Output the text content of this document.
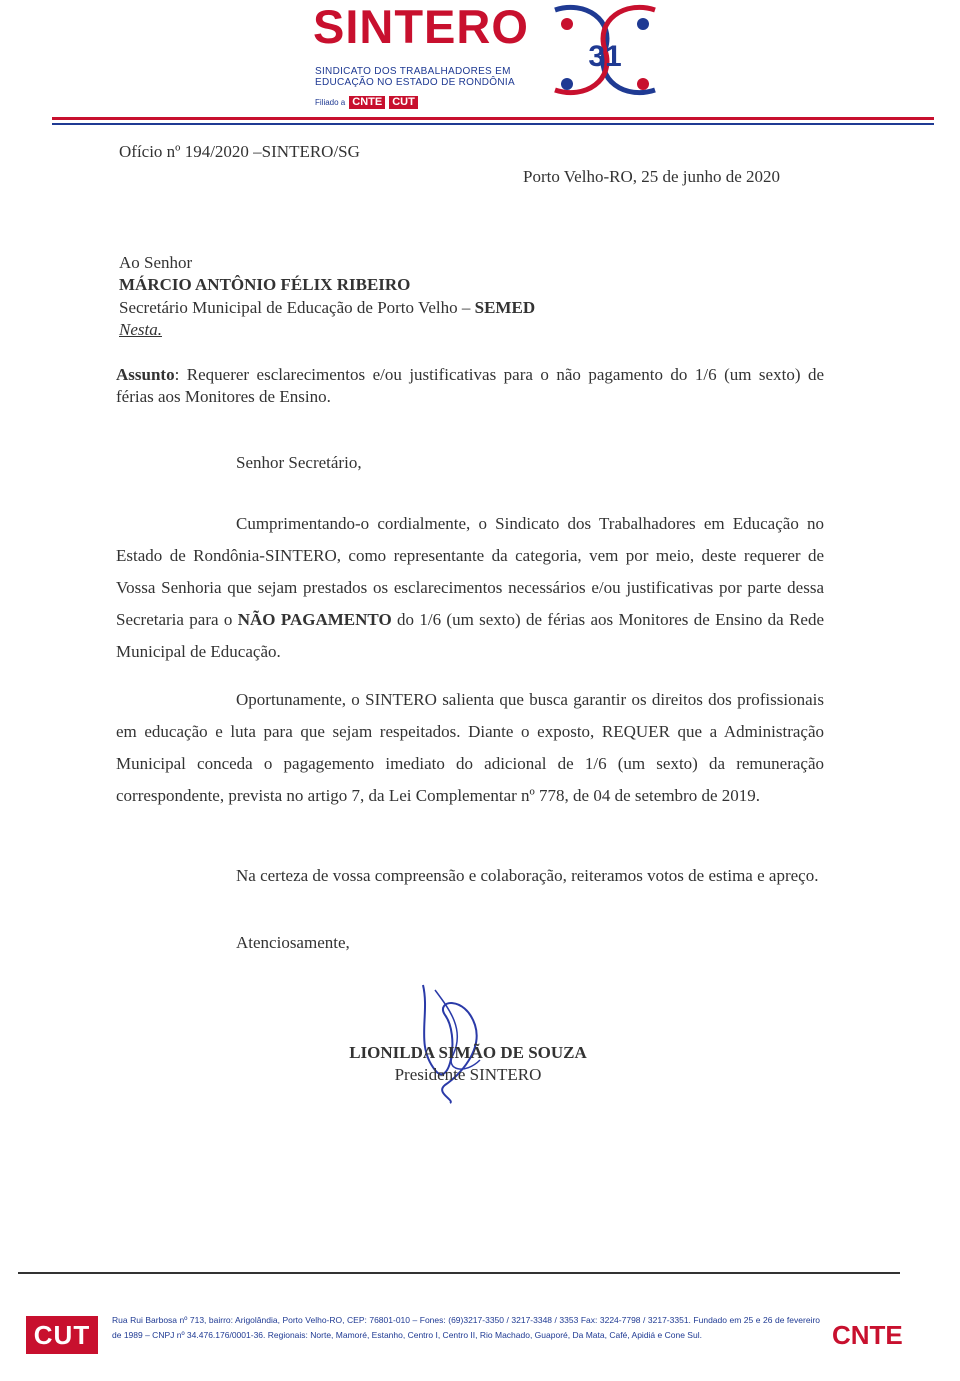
SINTERO
SINDICATO DOS TRABALHADORES EM
EDUCAÇÃO NO ESTADO DE RONDÔNIA
Filiado a CNTE CUT
31

Ofício nº 194/2020 –SINTERO/SG

Porto Velho-RO, 25 de junho de 2020

Ao Senhor

MÁRCIO ANTÔNIO FÉLIX RIBEIRO

Secretário Municipal de Educação de Porto Velho – SEMED

Nesta.

Assunto: Requerer esclarecimentos e/ou justificativas para o não pagamento do 1/6 (um sexto) de férias aos Monitores de Ensino.

Senhor Secretário,

Cumprimentando-o cordialmente, o Sindicato dos Trabalhadores em Educação no Estado de Rondônia-SINTERO, como representante da categoria, vem por meio, deste requerer de Vossa Senhoria que sejam prestados os esclarecimentos necessários e/ou justificativas por parte dessa Secretaria para o NÃO PAGAMENTO do 1/6 (um sexto) de férias aos Monitores de Ensino da Rede Municipal de Educação.

Oportunamente, o SINTERO salienta que busca garantir os direitos dos profissionais em educação e luta para que sejam respeitados. Diante o exposto, REQUER que a Administração Municipal conceda o pagagemento imediato do adicional de 1/6 (um sexto) da remuneração correspondente, prevista no artigo 7, da Lei Complementar nº 778, de 04 de setembro de 2019.

Na certeza de vossa compreensão e colaboração, reiteramos votos de estima e apreço.

Atenciosamente,

LIONILDA SIMÃO DE SOUZA
Presidente SINTERO
CUT	Rua Rui Barbosa nº 713, bairro: Arigolândia, Porto Velho-RO, CEP: 76801-010 – Fones: (69)3217-3350 / 3217-3348 / 3353 Fax: 3224-7798 / 3217-3351. Fundado em 25 e 26 de fevereiro de 1989 – CNPJ nº 34.476.176/0001-36. Regionais: Norte, Mamoré, Estanho, Centro I, Centro II, Rio Machado, Guaporé, Da Mata, Café, Apidiá e Cone Sul.	CNTE
